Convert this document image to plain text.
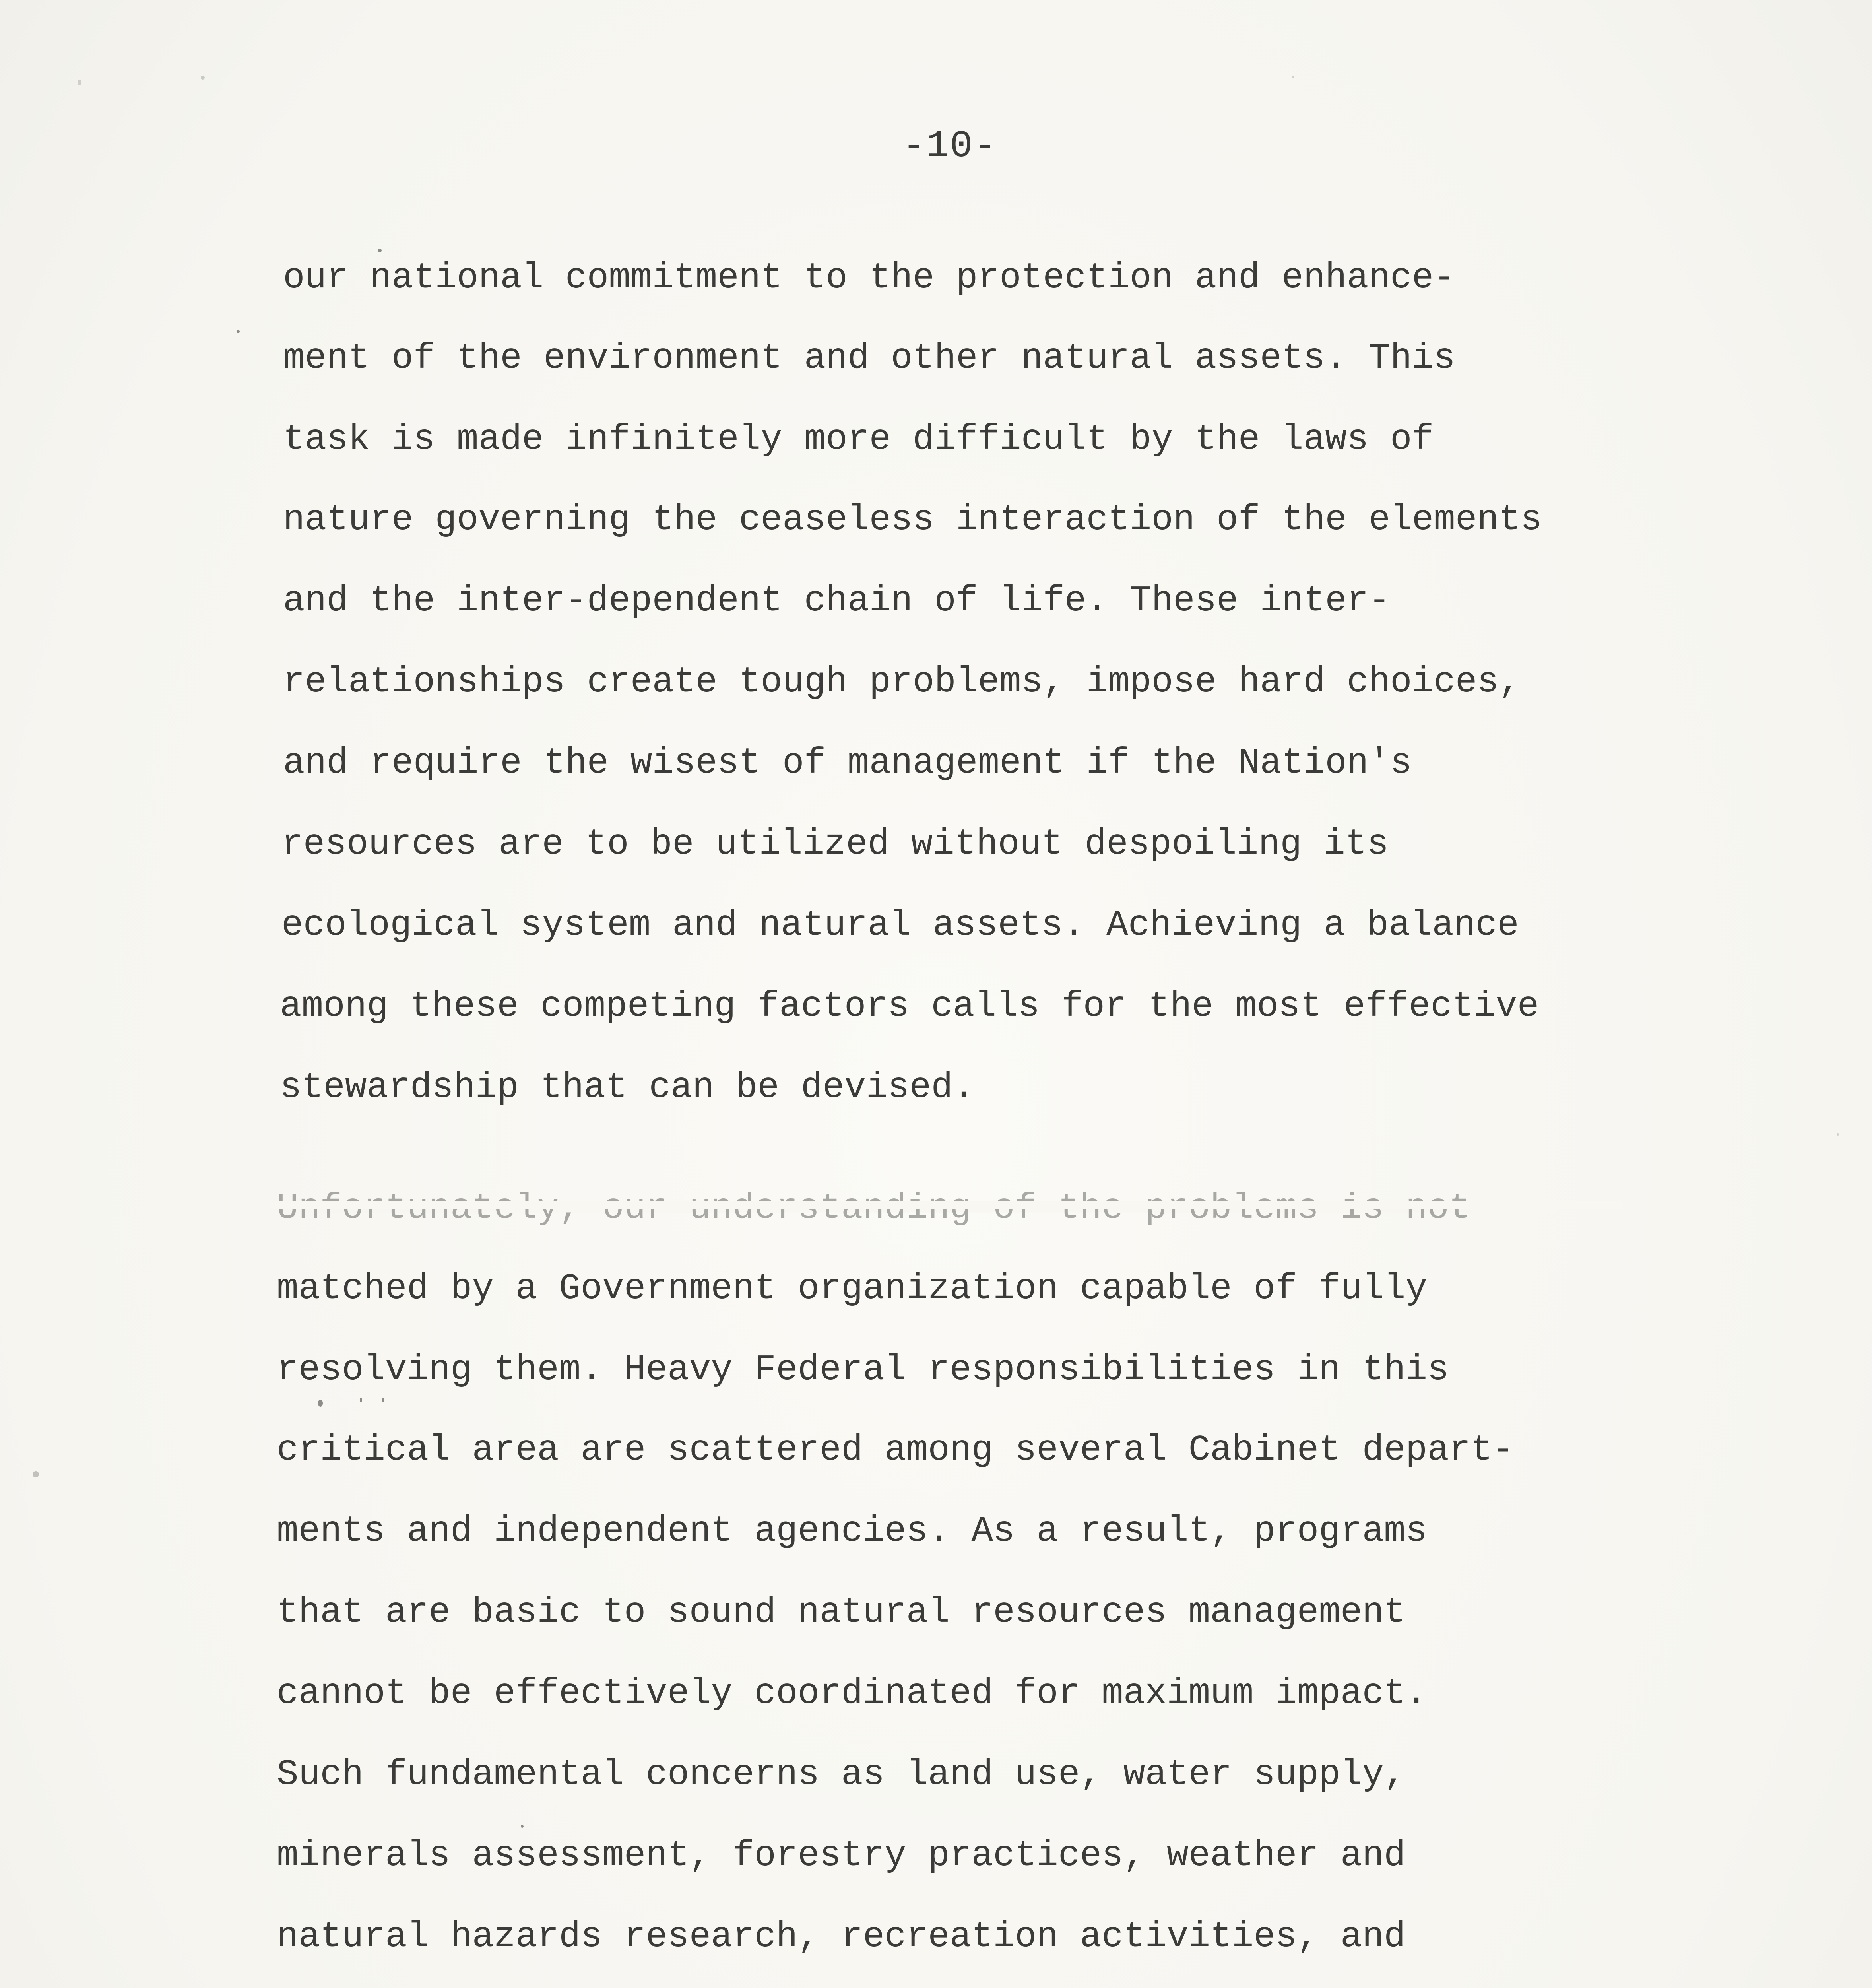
-10-
our national commitment to the protection and enhance-
ment of the environment and other natural assets. This
task is made infinitely more difficult by the laws of
nature governing the ceaseless interaction of the elements
and the inter-dependent chain of life. These inter-
relationships create tough problems, impose hard choices,
and require the wisest of management if the Nation's
resources are to be utilized without despoiling its
ecological system and natural assets. Achieving a balance
among these competing factors calls for the most effective
stewardship that can be devised.
matched by a Government organization capable of fully
resolving them. Heavy Federal responsibilities in this
critical area are scattered among several Cabinet depart-
ments and independent agencies. As a result, programs
that are basic to sound natural resources management
cannot be effectively coordinated for maximum impact.
Such fundamental concerns as land use, water supply,
minerals assessment, forestry practices, weather and
natural hazards research, recreation activities, and
